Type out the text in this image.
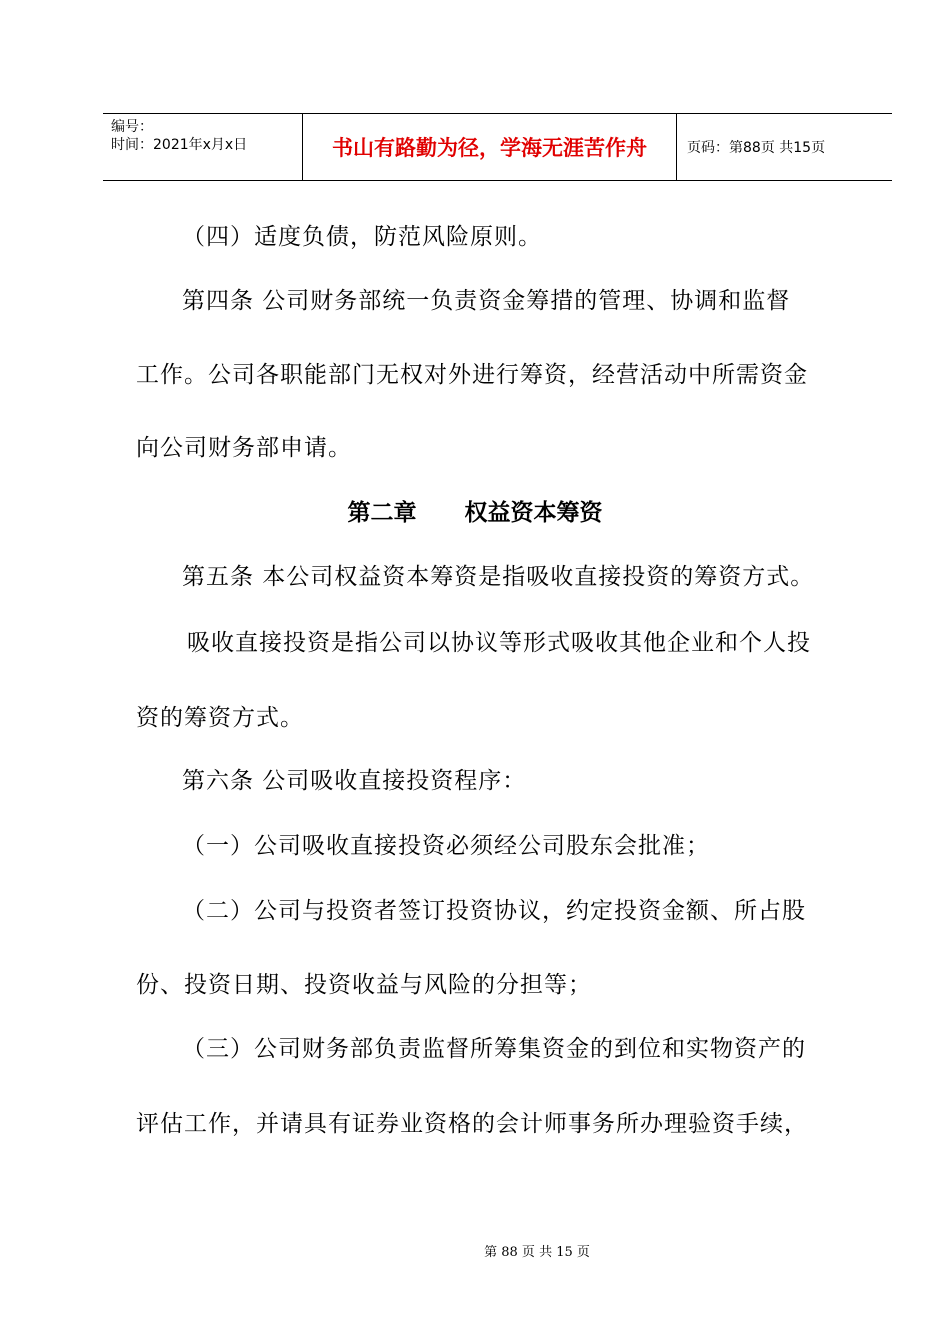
编号：
时间：2021年x月x日	书山有路勤为径，学海无涯苦作舟	页码：第88页 共15页
（四）适度负债，防范风险原则。
第四条 公司财务部统一负责资金筹措的管理、协调和监督
工作。公司各职能部门无权对外进行筹资，经营活动中所需资金
向公司财务部申请。
第二章      权益资本筹资
第五条 本公司权益资本筹资是指吸收直接投资的筹资方式。
吸收直接投资是指公司以协议等形式吸收其他企业和个人投
资的筹资方式。
第六条 公司吸收直接投资程序：
（一）公司吸收直接投资必须经公司股东会批准；
（二）公司与投资者签订投资协议，约定投资金额、所占股
份、投资日期、投资收益与风险的分担等；
（三）公司财务部负责监督所筹集资金的到位和实物资产的
评估工作，并请具有证券业资格的会计师事务所办理验资手续，
第 88 页 共 15 页
